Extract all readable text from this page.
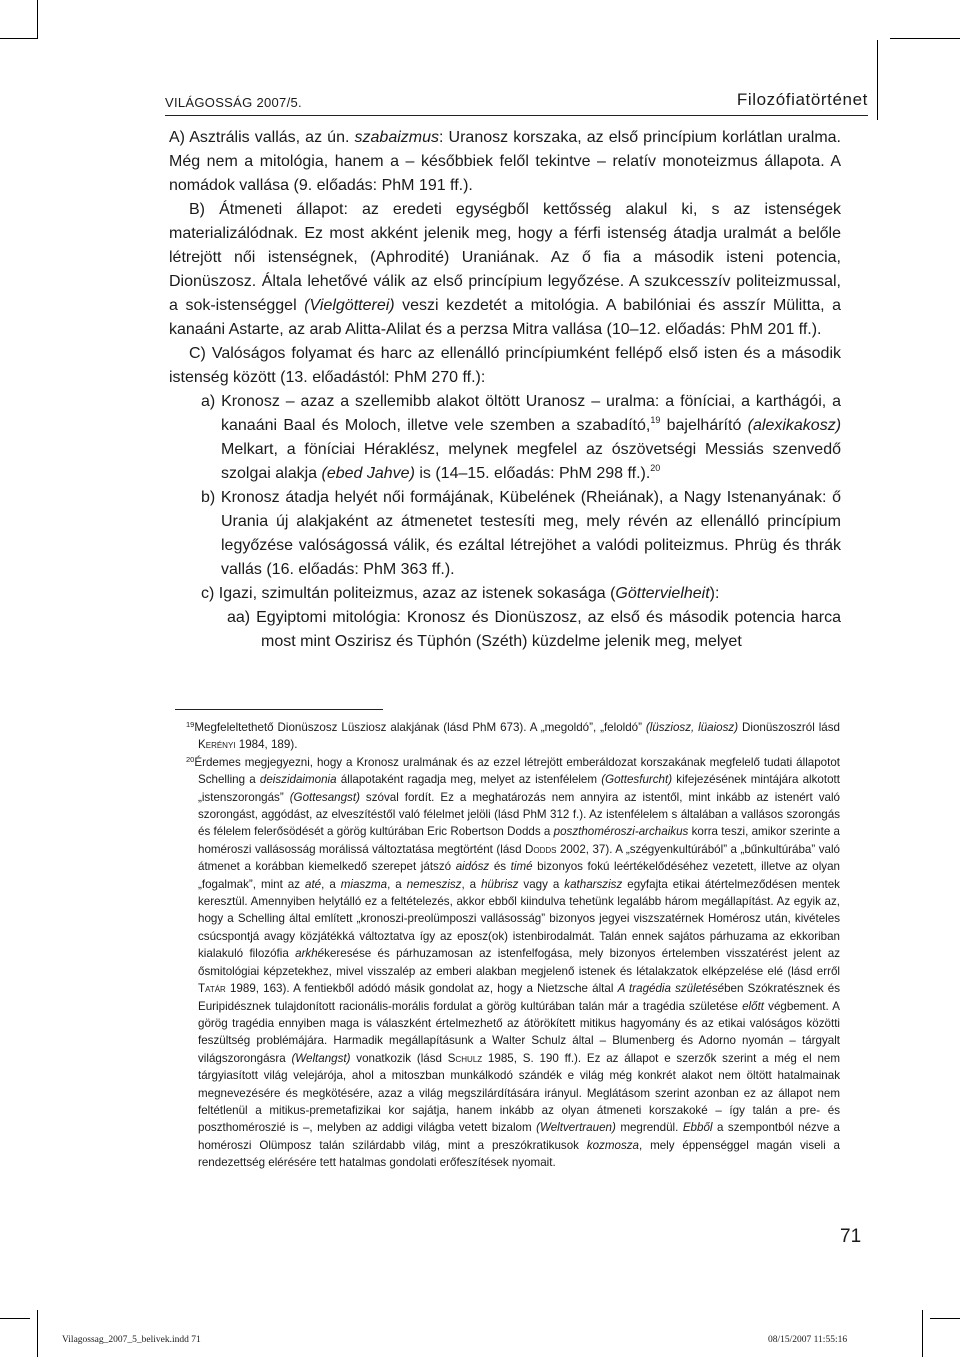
VILÁGOSSÁG 2007/5.	Filozófiatörténet

A) Asztrális vallás, az ún. szabaizmus: Uranosz korszaka, az első princípium korlátlan uralma. Még nem a mitológia, hanem a – későbbiek felől tekintve – relatív monoteizmus állapota. A nomádok vallása (9. előadás: PhM 191 ff.).

B) Átmeneti állapot: az eredeti egységből kettősség alakul ki, s az istenségek materializálódnak. Ez most akként jelenik meg, hogy a férfi istenség átadja uralmát a belőle létrejött női istenségnek, (Aphrodité) Uraniának. Az ő fia a második isteni potencia, Dionüszosz. Általa lehetővé válik az első princípium legyőzése. A szukcesszív politeizmussal, a sok-istenséggel (Vielgötterei) veszi kezdetét a mitológia. A babilóniai és asszír Mülitta, a kanaáni Astarte, az arab Alitta-Alilat és a perzsa Mitra vallása (10–12. előadás: PhM 201 ff.).

C) Valóságos folyamat és harc az ellenálló princípiumként fellépő első isten és a második istenség között (13. előadástól: PhM 270 ff.):

a) Kronosz – azaz a szellemibb alakot öltött Uranosz – uralma: a föníciai, a karthágói, a kanaáni Baal és Moloch, illetve vele szemben a szabadító,$^{19}$ bajelhárító (alexikakosz) Melkart, a föníciai Héraklész, melynek megfelel az ószövetségi Messiás szenvedő szolgai alakja (ebed Jahve) is (14–15. előadás: PhM 298 ff.).$^{20}$

b) Kronosz átadja helyét női formájának, Kübelének (Rheiának), a Nagy Istenanyának: ő Urania új alakjaként az átmenetet testesíti meg, mely révén az ellenálló princípium legyőzése valóságossá válik, és ezáltal létrejöhet a valódi politeizmus. Phrüg és thrák vallás (16. előadás: PhM 363 ff.).

c) Igazi, szimultán politeizmus, azaz az istenek sokasága (Göttervielheit):

aa) Egyiptomi mitológia: Kronosz és Dionüszosz, az első és második potencia harca most mint Oszirisz és Tüphón (Széth) küzdelme jelenik meg, melyet

$^{19}$Megfeleltethető Dionüszosz Lüsziosz alakjának (lásd PhM 673). A „megoldó”, „feloldó” (lüsziosz, lüaiosz) Dionüszoszról lásd Kerényi 1984, 189).

$^{20}$Érdemes megjegyezni, hogy a Kronosz uralmának és az ezzel létrejött emberáldozat korszakának megfelelő tudati állapotot Schelling a deiszidaimonia állapotaként ragadja meg, melyet az istenfélelem (Gottesfurcht) kifejezésének mintájára alkotott „istenszorongás” (Gottesangst) szóval fordít. Ez a meghatározás nem annyira az istentől, mint inkább az istenért való szorongást, aggódást, az elveszítéstől való félelmet jelöli (lásd PhM 312 f.). Az istenfélelem s általában a vallásos szorongás és félelem felerősödését a görög kultúrában Eric Robertson Dodds a poszthoméroszi-archaikus korra teszi, amikor szerinte a homéroszi vallásosság morálissá változtatása megtörtént (lásd Dodds 2002, 37). A „szégyenkultúrából” a „bűnkultúrába” való átmenet a korábban kiemelkedő szerepet játszó aidósz és timé bizonyos fokú leértékelődéséhez vezetett, illetve az olyan „fogalmak”, mint az até, a miaszma, a nemeszisz, a hübrisz vagy a katharszisz egyfajta etikai átértelmeződésen mentek keresztül. Amennyiben helytálló ez a feltételezés, akkor ebből kiindulva tehetünk legalább három megállapítást. Az egyik az, hogy a Schelling által említett „kronoszi-preolümposzi vallásosság” bizonyos jegyei viszszatérnek Homérosz után, kivételes csúcspontjá avagy közjátékká változtatva így az eposz(ok) istenbirodalmát. Talán ennek sajátos párhuzama az ekkoriban kialakuló filozófia arkhékeresése és párhuzamosan az istenfelfogása, mely bizonyos értelemben visszatérést jelent az ősmitológiai képzetekhez, mivel visszalép az emberi alakban megjelenő istenek és létalakzatok elképzelése elé (lásd erről Tatár 1989, 163). A fentiekből adódó másik gondolat az, hogy a Nietzsche által A tragédia születésében Szókratésznek és Euripidésznek tulajdonított racionális-morális fordulat a görög kultúrában talán már a tragédia születése előtt végbement. A görög tragédia ennyiben maga is válaszként értelmezhető az átörökített mitikus hagyomány és az etikai valóságos közötti feszültség problémájára. Harmadik megállapításunk a Walter Schulz által – Blumenberg és Adorno nyomán – tárgyalt világszorongásra (Weltangst) vonatkozik (lásd Schulz 1985, S. 190 ff.). Ez az állapot e szerzők szerint a még el nem tárgyiasított világ velejárója, ahol a mitoszban munkálkodó szándék e világ még konkrét alakot nem öltött hatalmainak megnevezésére és megkötésére, azaz a világ megszilárdítására irányul. Meglátásom szerint azonban ez az állapot nem feltétlenül a mitikus-premetafizikai kor sajátja, hanem inkább az olyan átmeneti korszakoké – így talán a pre- és poszthoméroszié is –, melyben az addigi világba vetett bizalom (Weltvertrauen) megrendül. Ebből a szempontból nézve a homéroszi Olümposz talán szilárdabb világ, mint a preszókratikusok kozmosza, mely éppenséggel magán viseli a rendezettség elérésére tett hatalmas gondolati erőfeszítések nyomait.

71
Vilagossag_2007_5_belivek.indd 71	08/15/2007 11:55:16
